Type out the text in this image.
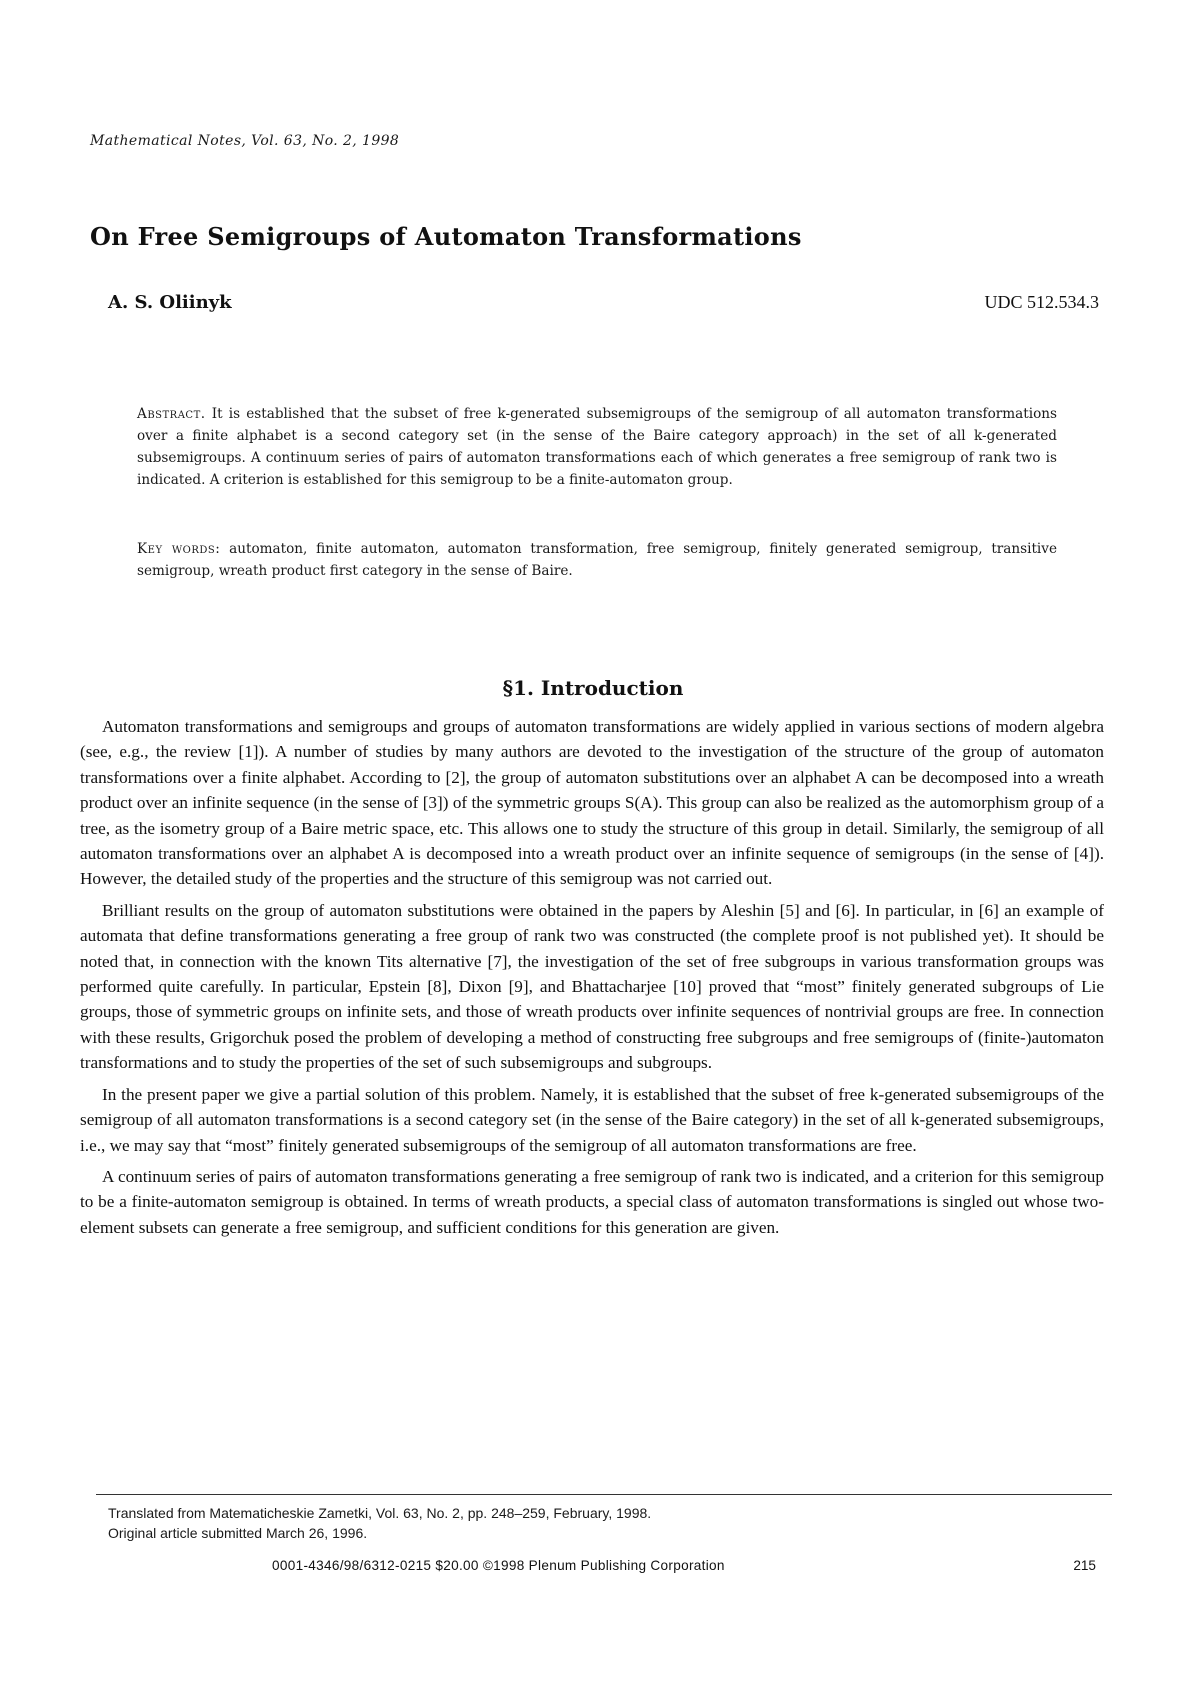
Mathematical Notes, Vol. 63, No. 2, 1998
On Free Semigroups of Automaton Transformations
A. S. Oliinyk	UDC 512.534.3
Abstract. It is established that the subset of free k-generated subsemigroups of the semigroup of all automaton transformations over a finite alphabet is a second category set (in the sense of the Baire category approach) in the set of all k-generated subsemigroups. A continuum series of pairs of automaton transformations each of which generates a free semigroup of rank two is indicated. A criterion is established for this semigroup to be a finite-automaton group.
Key words: automaton, finite automaton, automaton transformation, free semigroup, finitely generated semigroup, transitive semigroup, wreath product first category in the sense of Baire.
§1. Introduction

Automaton transformations and semigroups and groups of automaton transformations are widely applied in various sections of modern algebra (see, e.g., the review [1]). A number of studies by many authors are devoted to the investigation of the structure of the group of automaton transformations over a finite alphabet. According to [2], the group of automaton substitutions over an alphabet A can be decomposed into a wreath product over an infinite sequence (in the sense of [3]) of the symmetric groups S(A). This group can also be realized as the automorphism group of a tree, as the isometry group of a Baire metric space, etc. This allows one to study the structure of this group in detail. Similarly, the semigroup of all automaton transformations over an alphabet A is decomposed into a wreath product over an infinite sequence of semigroups (in the sense of [4]). However, the detailed study of the properties and the structure of this semigroup was not carried out.

Brilliant results on the group of automaton substitutions were obtained in the papers by Aleshin [5] and [6]. In particular, in [6] an example of automata that define transformations generating a free group of rank two was constructed (the complete proof is not published yet). It should be noted that, in connection with the known Tits alternative [7], the investigation of the set of free subgroups in various transformation groups was performed quite carefully. In particular, Epstein [8], Dixon [9], and Bhattacharjee [10] proved that “most” finitely generated subgroups of Lie groups, those of symmetric groups on infinite sets, and those of wreath products over infinite sequences of nontrivial groups are free. In connection with these results, Grigorchuk posed the problem of developing a method of constructing free subgroups and free semigroups of (finite-)automaton transformations and to study the properties of the set of such subsemigroups and subgroups.

In the present paper we give a partial solution of this problem. Namely, it is established that the subset of free k-generated subsemigroups of the semigroup of all automaton transformations is a second category set (in the sense of the Baire category) in the set of all k-generated subsemigroups, i.e., we may say that “most” finitely generated subsemigroups of the semigroup of all automaton transformations are free.

A continuum series of pairs of automaton transformations generating a free semigroup of rank two is indicated, and a criterion for this semigroup to be a finite-automaton semigroup is obtained. In terms of wreath products, a special class of automaton transformations is singled out whose two-element subsets can generate a free semigroup, and sufficient conditions for this generation are given.

Translated from Matematicheskie Zametki, Vol. 63, No. 2, pp. 248–259, February, 1998.
Original article submitted March 26, 1996.
0001-4346/98/6312-0215 $20.00 ©1998 Plenum Publishing Corporation	215
